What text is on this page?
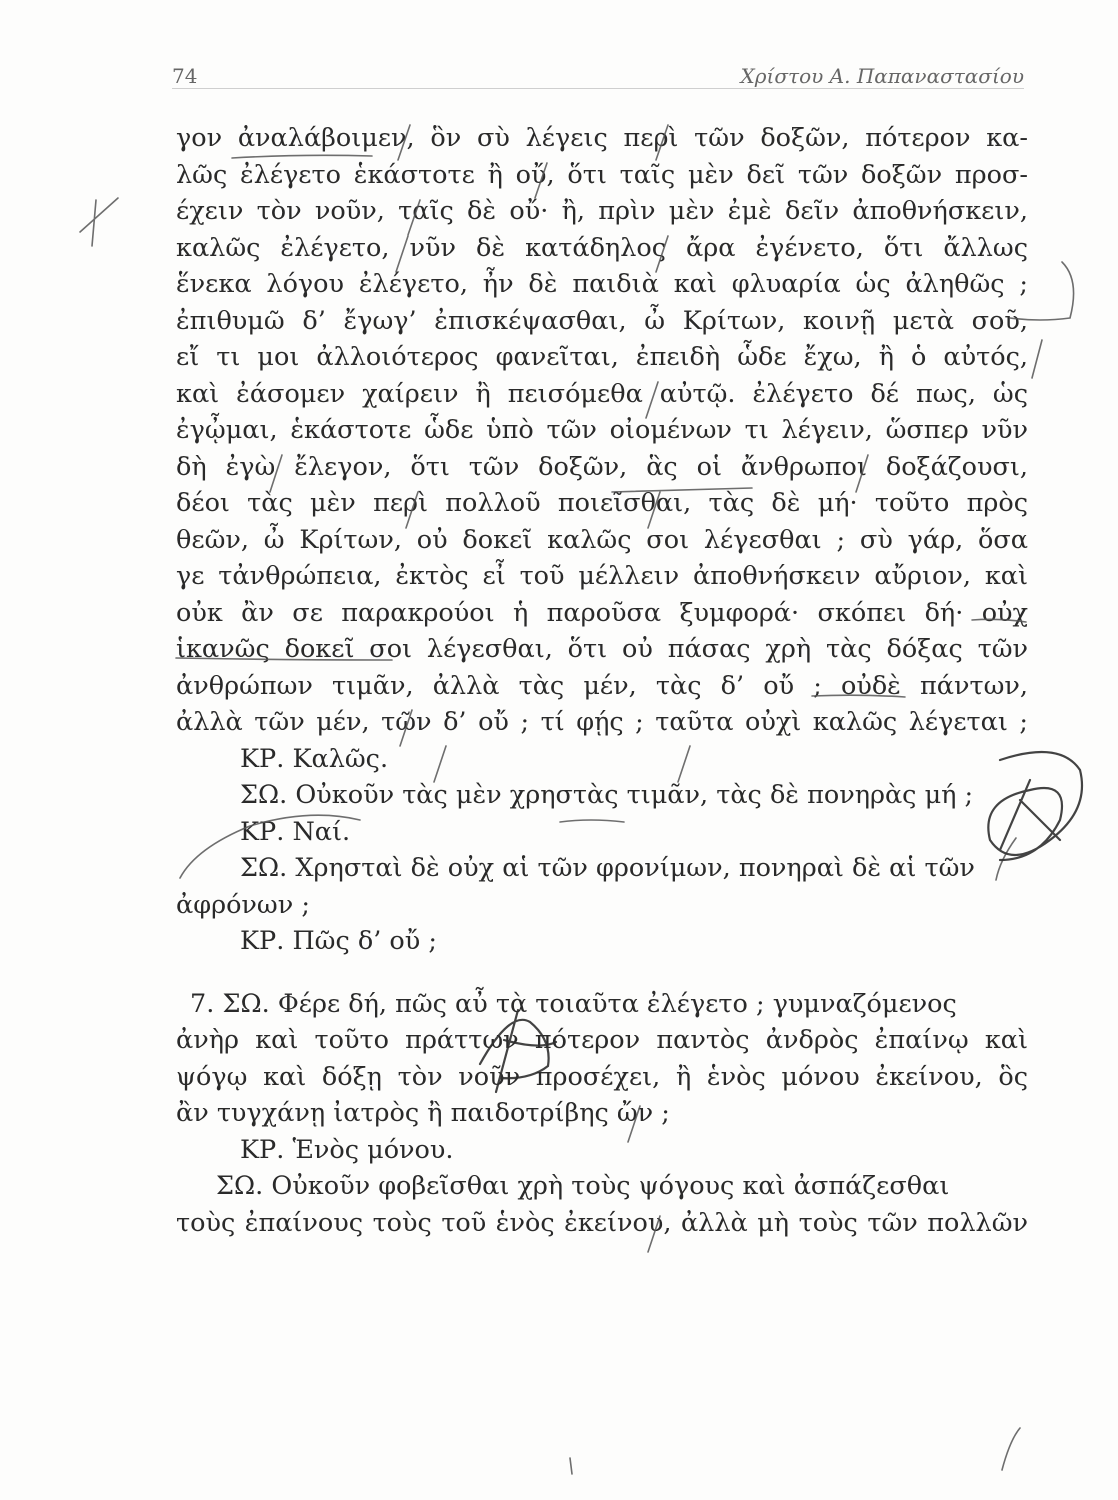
74	Χρίστου Α. Παπαναστασίου
γον ἀναλάβοιμεν, ὃν σὺ λέγεις περὶ τῶν δοξῶν, πότερον κα-
λῶς ἐλέγετο ἑκάστοτε ἢ οὔ, ὅτι ταῖς μὲν δεῖ τῶν δοξῶν προσ-
έχειν τὸν νοῦν, ταῖς δὲ οὔ· ἢ, πρὶν μὲν ἐμὲ δεῖν ἀποθνήσκειν,
καλῶς ἐλέγετο, νῦν δὲ κατάδηλος ἄρα ἐγένετο, ὅτι ἄλλως
ἕνεκα λόγου ἐλέγετο, ἦν δὲ παιδιὰ καὶ φλυαρία ὡς ἀληθῶς ;
ἐπιθυμῶ δ’ ἔγωγ’ ἐπισκέψασθαι, ὦ Κρίτων, κοινῇ μετὰ σοῦ,
εἴ τι μοι ἀλλοιότερος φανεῖται, ἐπειδὴ ὧδε ἔχω, ἢ ὁ αὐτός,
καὶ ἐάσομεν χαίρειν ἢ πεισόμεθα αὐτῷ. ἐλέγετο δέ πως, ὡς
ἐγᾦμαι, ἑκάστοτε ὧδε ὑπὸ τῶν οἰομένων τι λέγειν, ὥσπερ νῦν
δὴ ἐγὼ ἔλεγον, ὅτι τῶν δοξῶν, ἃς οἱ ἄνθρωποι δοξάζουσι,
δέοι τὰς μὲν περὶ πολλοῦ ποιεῖσθαι, τὰς δὲ μή· τοῦτο πρὸς
θεῶν, ὦ Κρίτων, οὐ δοκεῖ καλῶς σοι λέγεσθαι ; σὺ γάρ, ὅσα
γε τἀνθρώπεια, ἐκτὸς εἶ τοῦ μέλλειν ἀποθνήσκειν αὔριον, καὶ
οὐκ ἂν σε παρακρούοι ἡ παροῦσα ξυμφορά· σκόπει δή· οὐχ
ἱκανῶς δοκεῖ σοι λέγεσθαι, ὅτι οὐ πάσας χρὴ τὰς δόξας τῶν
ἀνθρώπων τιμᾶν, ἀλλὰ τὰς μέν, τὰς δ’ οὔ ; οὐδὲ πάντων,
ἀλλὰ τῶν μέν, τῶν δ’ οὔ ; τί φῄς ; ταῦτα οὐχὶ καλῶς λέγεται ;
ΚΡ. Καλῶς.
ΣΩ. Οὐκοῦν τὰς μὲν χρηστὰς τιμᾶν, τὰς δὲ πονηρὰς μή ;
ΚΡ. Ναί.
ΣΩ. Χρησταὶ δὲ οὐχ αἱ τῶν φρονίμων, πονηραὶ δὲ αἱ τῶν
ἀφρόνων ;
ΚΡ. Πῶς δ’ οὔ ;
7. ΣΩ. Φέρε δή, πῶς αὖ τὰ τοιαῦτα ἐλέγετο ; γυμναζόμενος
ἀνὴρ καὶ τοῦτο πράττων πότερον παντὸς ἀνδρὸς ἐπαίνῳ καὶ
ψόγῳ καὶ δόξῃ τὸν νοῦν προσέχει, ἢ ἑνὸς μόνου ἐκείνου, ὃς
ἂν τυγχάνῃ ἰατρὸς ἢ παιδοτρίβης ὤν ;
ΚΡ. Ἑνὸς μόνου.
ΣΩ. Οὐκοῦν φοβεῖσθαι χρὴ τοὺς ψόγους καὶ ἀσπάζεσθαι
τοὺς ἐπαίνους τοὺς τοῦ ἑνὸς ἐκείνου, ἀλλὰ μὴ τοὺς τῶν πολλῶν
